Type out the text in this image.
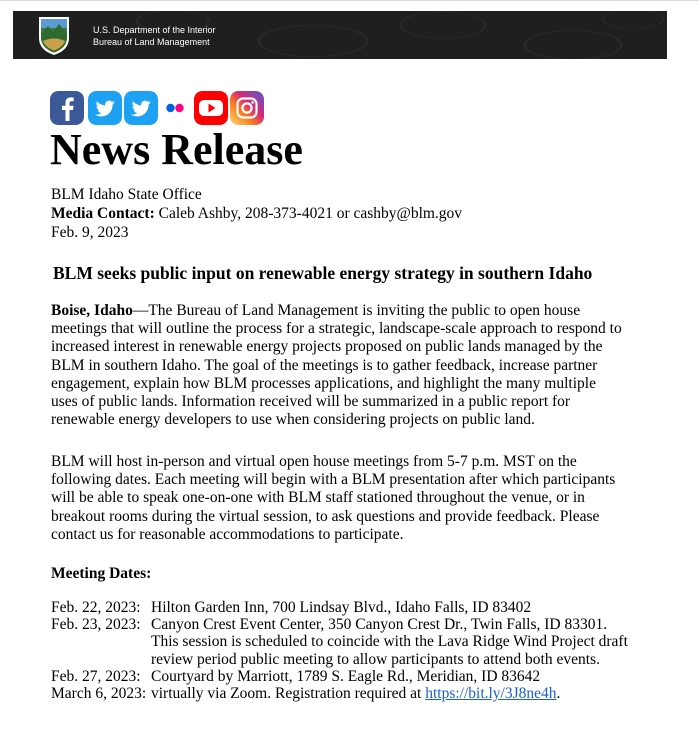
U.S. Department of the Interior
Bureau of Land Management
News Release
BLM Idaho State Office
Media Contact: Caleb Ashby, 208-373-4021 or cashby@blm.gov
Feb. 9, 2023
BLM seeks public input on renewable energy strategy in southern Idaho
Boise, Idaho—The Bureau of Land Management is inviting the public to open house
meetings that will outline the process for a strategic, landscape-scale approach to respond to
increased interest in renewable energy projects proposed on public lands managed by the
BLM in southern Idaho. The goal of the meetings is to gather feedback, increase partner
engagement, explain how BLM processes applications, and highlight the many multiple
uses of public lands. Information received will be summarized in a public report for
renewable energy developers to use when considering projects on public land.
BLM will host in-person and virtual open house meetings from 5-7 p.m. MST on the
following dates. Each meeting will begin with a BLM presentation after which participants
will be able to speak one-on-one with BLM staff stationed throughout the venue, or in
breakout rooms during the virtual session, to ask questions and provide feedback. Please
contact us for reasonable accommodations to participate.
Meeting Dates:
Feb. 22, 2023: Hilton Garden Inn, 700 Lindsay Blvd., Idaho Falls, ID 83402
Feb. 23, 2023: Canyon Crest Event Center, 350 Canyon Crest Dr., Twin Falls, ID 83301.
This session is scheduled to coincide with the Lava Ridge Wind Project draft
review period public meeting to allow participants to attend both events.
Feb. 27, 2023: Courtyard by Marriott, 1789 S. Eagle Rd., Meridian, ID 83642
March 6, 2023: virtually via Zoom. Registration required at https://bit.ly/3J8ne4h.
